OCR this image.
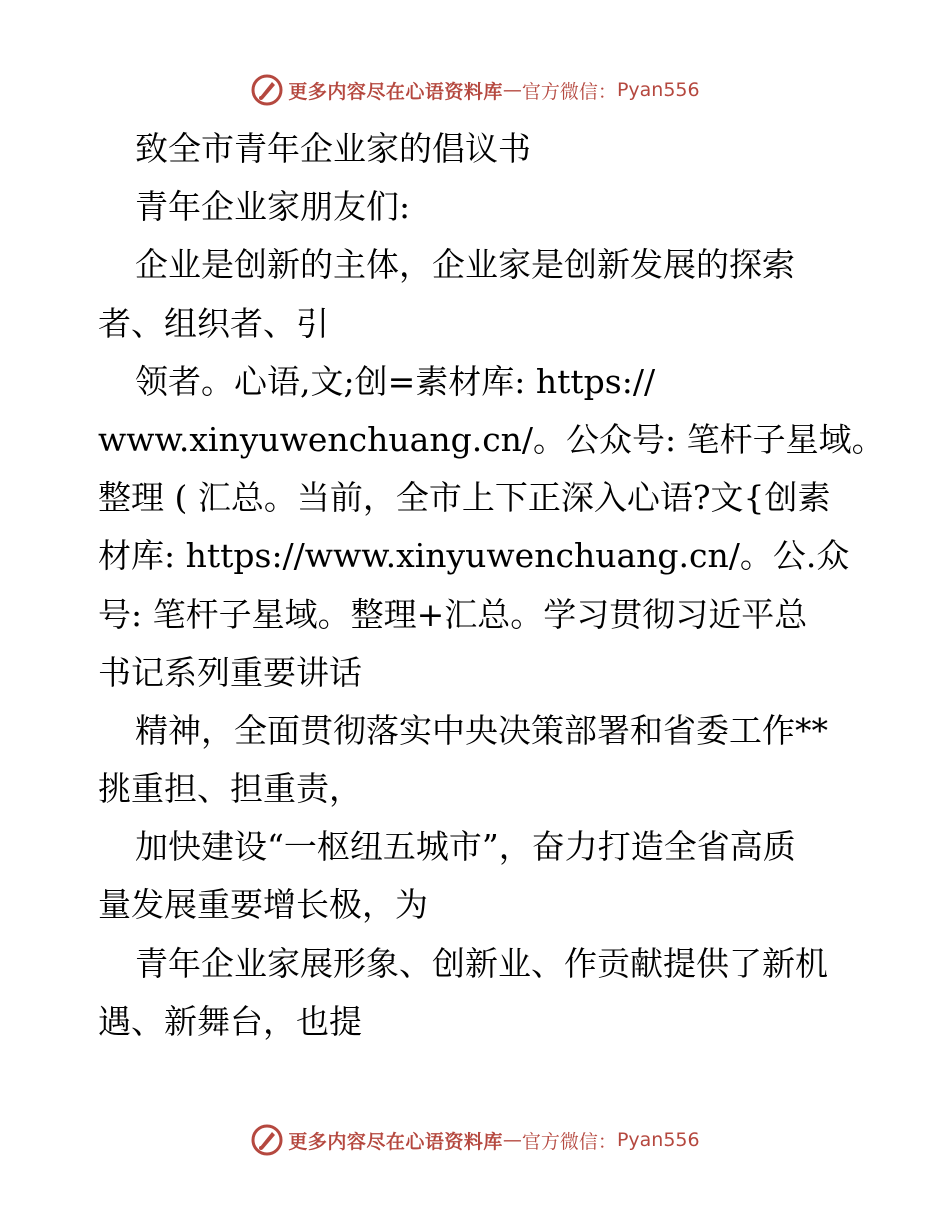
更多内容尽在心语资料库 — 官方微信： Pyan556
致全市青年企业家的倡议书
青年企业家朋友们:
企业是创新的主体，企业家是创新发展的探索
者、组织者、引
领者。心语,文;创=素材库: https://
www.xinyuwenchuang.cn/。公众号: 笔杆子星域。
整理 ( 汇总。当前，全市上下正深入心语?文{创素
材库: https://www.xinyuwenchuang.cn/。公.众
号: 笔杆子星域。整理+汇总。学习贯彻习近平总
书记系列重要讲话
精神，全面贯彻落实中央决策部署和省委工作**
挑重担、担重责，
加快建设“一枢纽五城市”，奋力打造全省高质
量发展重要增长极，为
青年企业家展形象、创新业、作贡献提供了新机
遇、新舞台，也提
更多内容尽在心语资料库 — 官方微信： Pyan556
